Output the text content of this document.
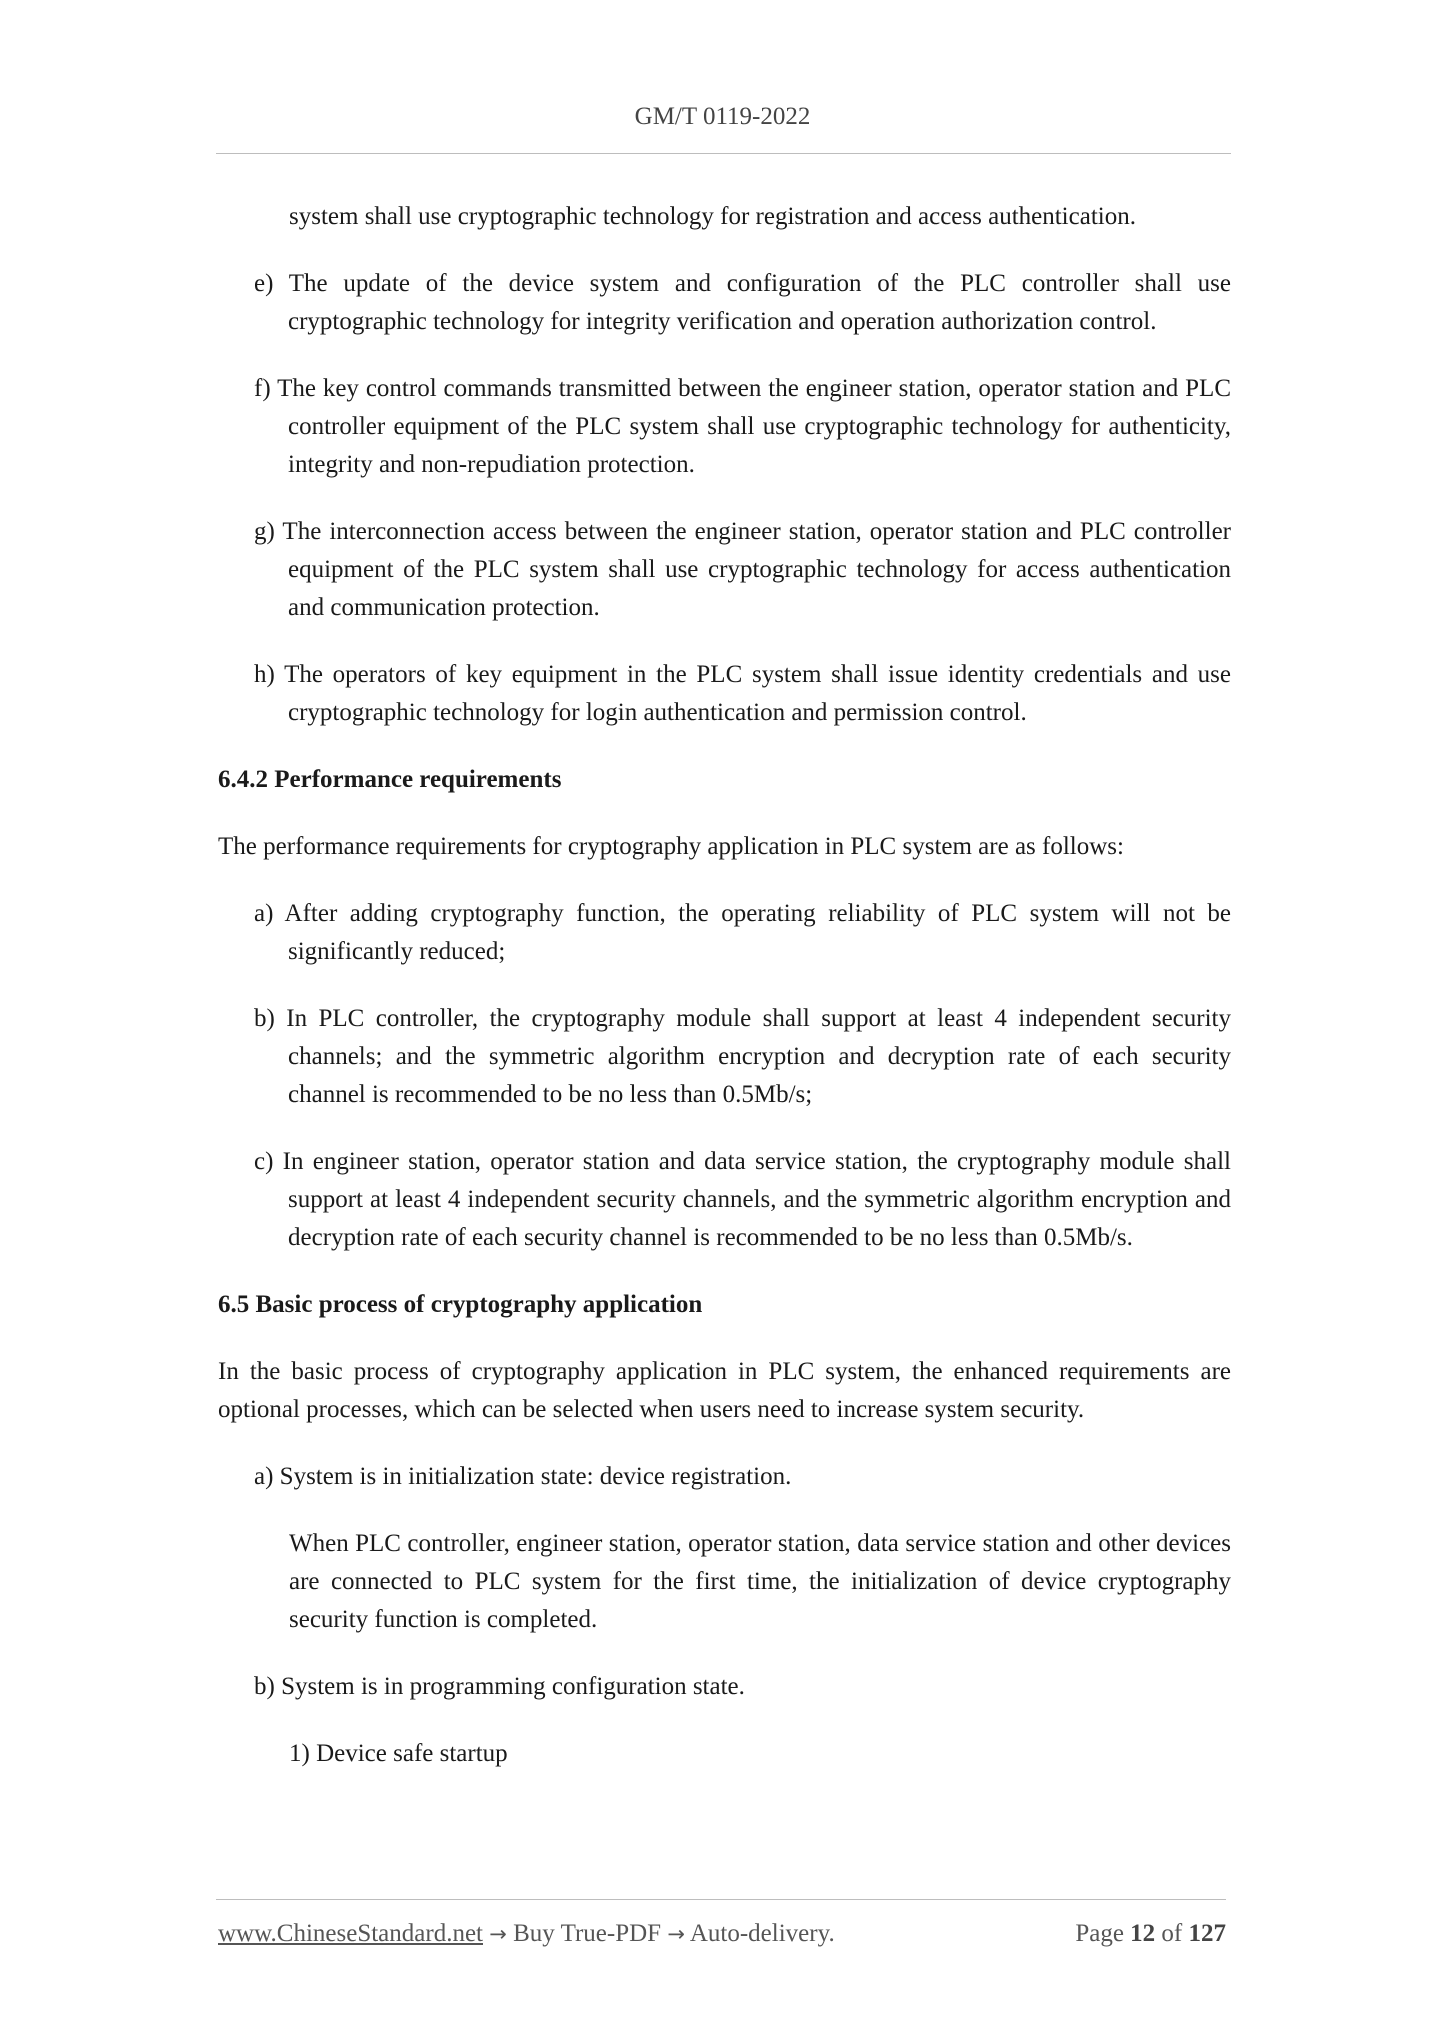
GM/T 0119-2022

system shall use cryptographic technology for registration and access authentication.

e) The update of the device system and configuration of the PLC controller shall use cryptographic technology for integrity verification and operation authorization control.

f) The key control commands transmitted between the engineer station, operator station and PLC controller equipment of the PLC system shall use cryptographic technology for authenticity, integrity and non-repudiation protection.

g) The interconnection access between the engineer station, operator station and PLC controller equipment of the PLC system shall use cryptographic technology for access authentication and communication protection.

h) The operators of key equipment in the PLC system shall issue identity credentials and use cryptographic technology for login authentication and permission control.

6.4.2 Performance requirements

The performance requirements for cryptography application in PLC system are as follows:

a) After adding cryptography function, the operating reliability of PLC system will not be significantly reduced;

b) In PLC controller, the cryptography module shall support at least 4 independent security channels; and the symmetric algorithm encryption and decryption rate of each security channel is recommended to be no less than 0.5Mb/s;

c) In engineer station, operator station and data service station, the cryptography module shall support at least 4 independent security channels, and the symmetric algorithm encryption and decryption rate of each security channel is recommended to be no less than 0.5Mb/s.

6.5 Basic process of cryptography application

In the basic process of cryptography application in PLC system, the enhanced requirements are optional processes, which can be selected when users need to increase system security.

a) System is in initialization state: device registration.

When PLC controller, engineer station, operator station, data service station and other devices are connected to PLC system for the first time, the initialization of device cryptography security function is completed.

b) System is in programming configuration state.

1) Device safe startup

www.ChineseStandard.net → Buy True-PDF → Auto-delivery.	Page 12 of 127
